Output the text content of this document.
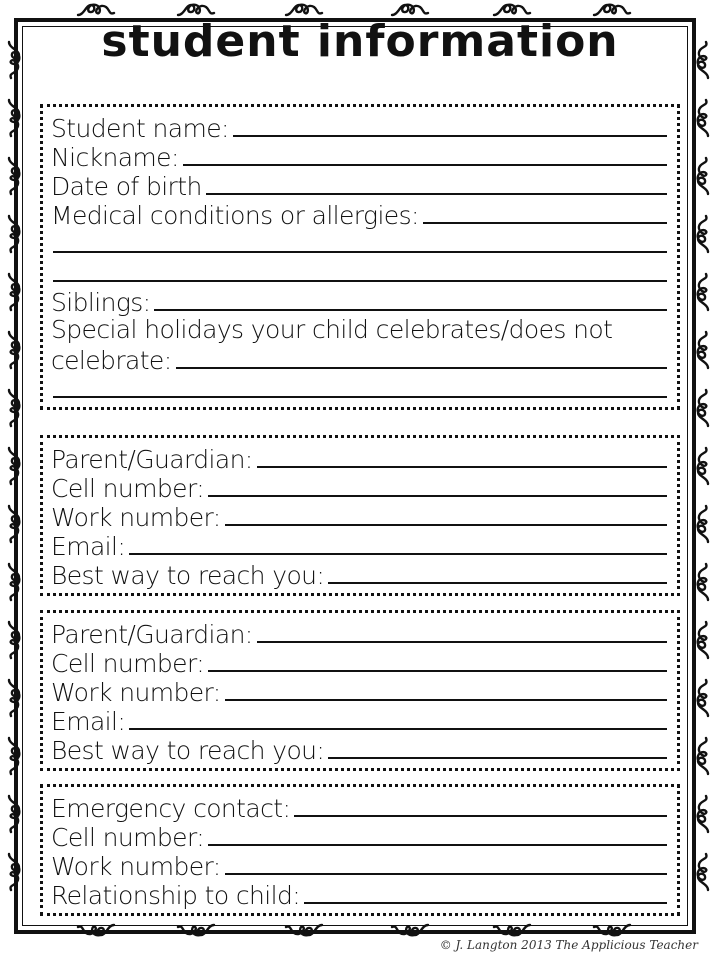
student information
Student name:
Nickname:
Date of birth
Medical conditions or allergies:
Siblings:
Special holidays your child celebrates/does not
celebrate:
Parent/Guardian:
Cell number:
Work number:
Email:
Best way to reach you:
Parent/Guardian:
Cell number:
Work number:
Email:
Best way to reach you:
Emergency contact:
Cell number:
Work number:
Relationship to child:
© J. Langton 2013 The Applicious Teacher
